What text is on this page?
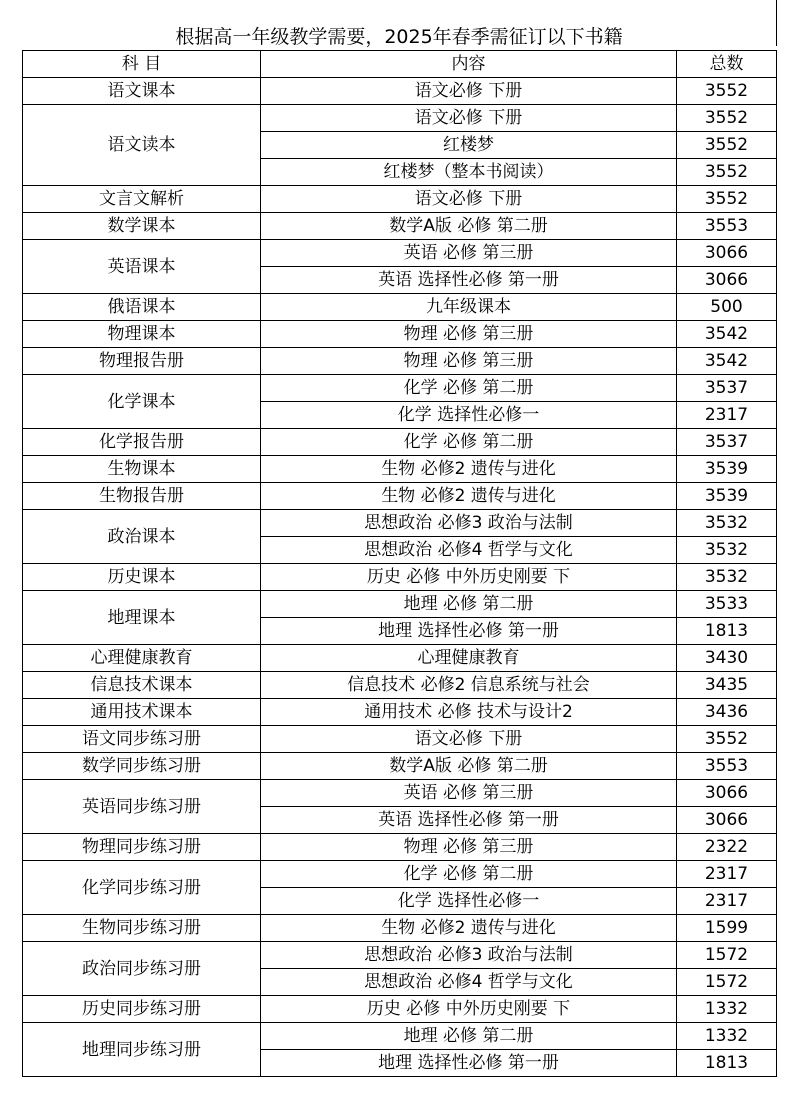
根据高一年级教学需要，2025年春季需征订以下书籍
科 目	内容	总数
语文课本	语文必修 下册	3552
语文读本	语文必修 下册	3552
	红楼梦	3552
	红楼梦（整本书阅读）	3552
文言文解析	语文必修 下册	3552
数学课本	数学A版 必修 第二册	3553
英语课本	英语 必修 第三册	3066
	英语 选择性必修 第一册	3066
俄语课本	九年级课本	500
物理课本	物理 必修 第三册	3542
物理报告册	物理 必修 第三册	3542
化学课本	化学 必修 第二册	3537
	化学 选择性必修一	2317
化学报告册	化学 必修 第二册	3537
生物课本	生物 必修2 遗传与进化	3539
生物报告册	生物 必修2 遗传与进化	3539
政治课本	思想政治 必修3 政治与法制	3532
	思想政治 必修4 哲学与文化	3532
历史课本	历史 必修 中外历史刚要 下	3532
地理课本	地理 必修 第二册	3533
	地理 选择性必修 第一册	1813
心理健康教育	心理健康教育	3430
信息技术课本	信息技术 必修2 信息系统与社会	3435
通用技术课本	通用技术 必修 技术与设计2	3436
语文同步练习册	语文必修 下册	3552
数学同步练习册	数学A版 必修 第二册	3553
英语同步练习册	英语 必修 第三册	3066
	英语 选择性必修 第一册	3066
物理同步练习册	物理 必修 第三册	2322
化学同步练习册	化学 必修 第二册	2317
	化学 选择性必修一	2317
生物同步练习册	生物 必修2 遗传与进化	1599
政治同步练习册	思想政治 必修3 政治与法制	1572
	思想政治 必修4 哲学与文化	1572
历史同步练习册	历史 必修 中外历史刚要 下	1332
地理同步练习册	地理 必修 第二册	1332
	地理 选择性必修 第一册	1813
